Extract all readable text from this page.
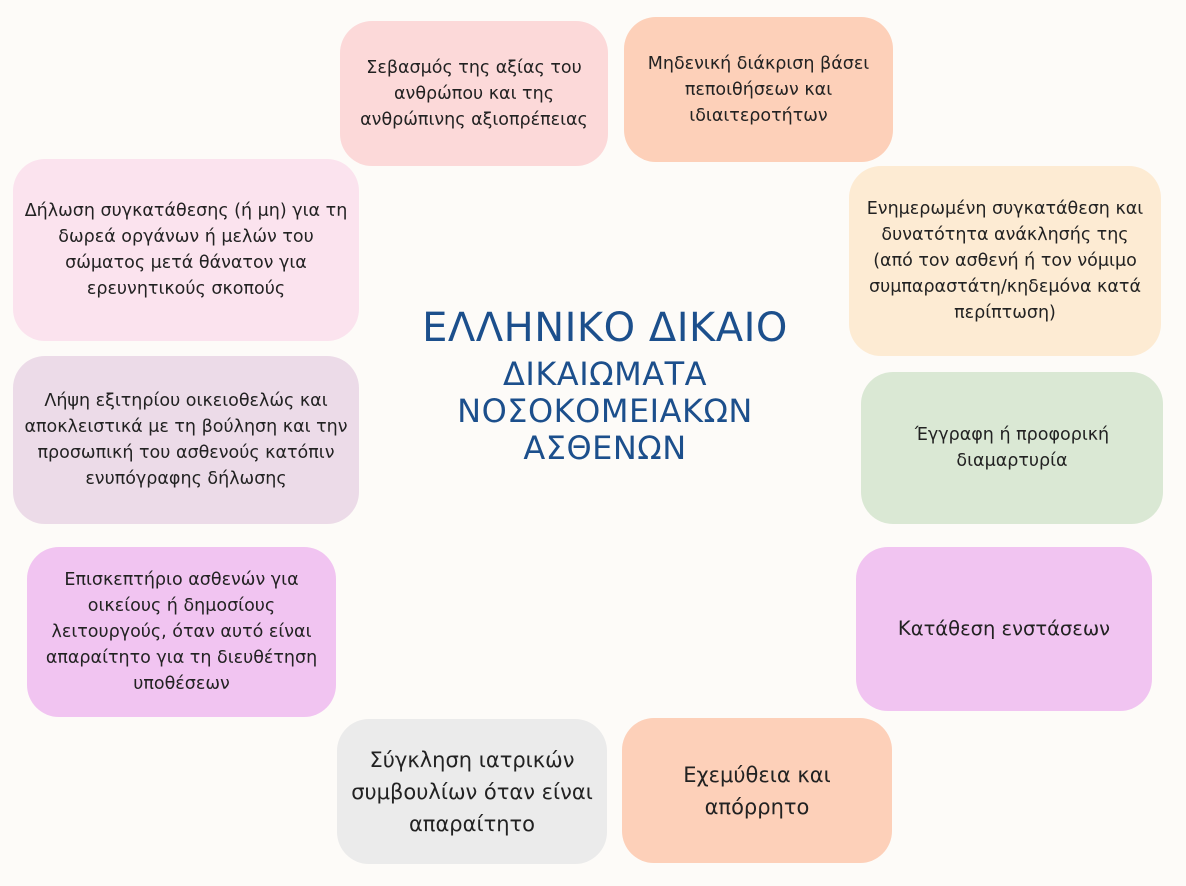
ΕΛΛΗΝΙΚΟ ΔΙΚΑΙΟ
ΔΙΚΑΙΩΜΑΤΑ
ΝΟΣΟΚΟΜΕΙΑΚΩΝ
ΑΣΘΕΝΩΝ
Σεβασμός της αξίας του ανθρώπου και της ανθρώπινης αξιοπρέπειας
Μηδενική διάκριση βάσει πεποιθήσεων και ιδιαιτεροτήτων
Ενημερωμένη συγκατάθεση και δυνατότητα ανάκλησής της (από τον ασθενή ή τον νόμιμο συμπαραστάτη/κηδεμόνα κατά περίπτωση)
Έγγραφη ή προφορική διαμαρτυρία
Κατάθεση ενστάσεων
Εχεμύθεια και απόρρητο
Σύγκληση ιατρικών συμβουλίων όταν είναι απαραίτητο
Επισκεπτήριο ασθενών για οικείους ή δημοσίους λειτουργούς, όταν αυτό είναι απαραίτητο για τη διευθέτηση υποθέσεων
Λήψη εξιτηρίου οικειοθελώς και αποκλειστικά με τη βούληση και την προσωπική του ασθενούς κατόπιν ενυπόγραφης δήλωσης
Δήλωση συγκατάθεσης (ή μη) για τη δωρεά οργάνων ή μελών του σώματος μετά θάνατον για ερευνητικούς σκοπούς
